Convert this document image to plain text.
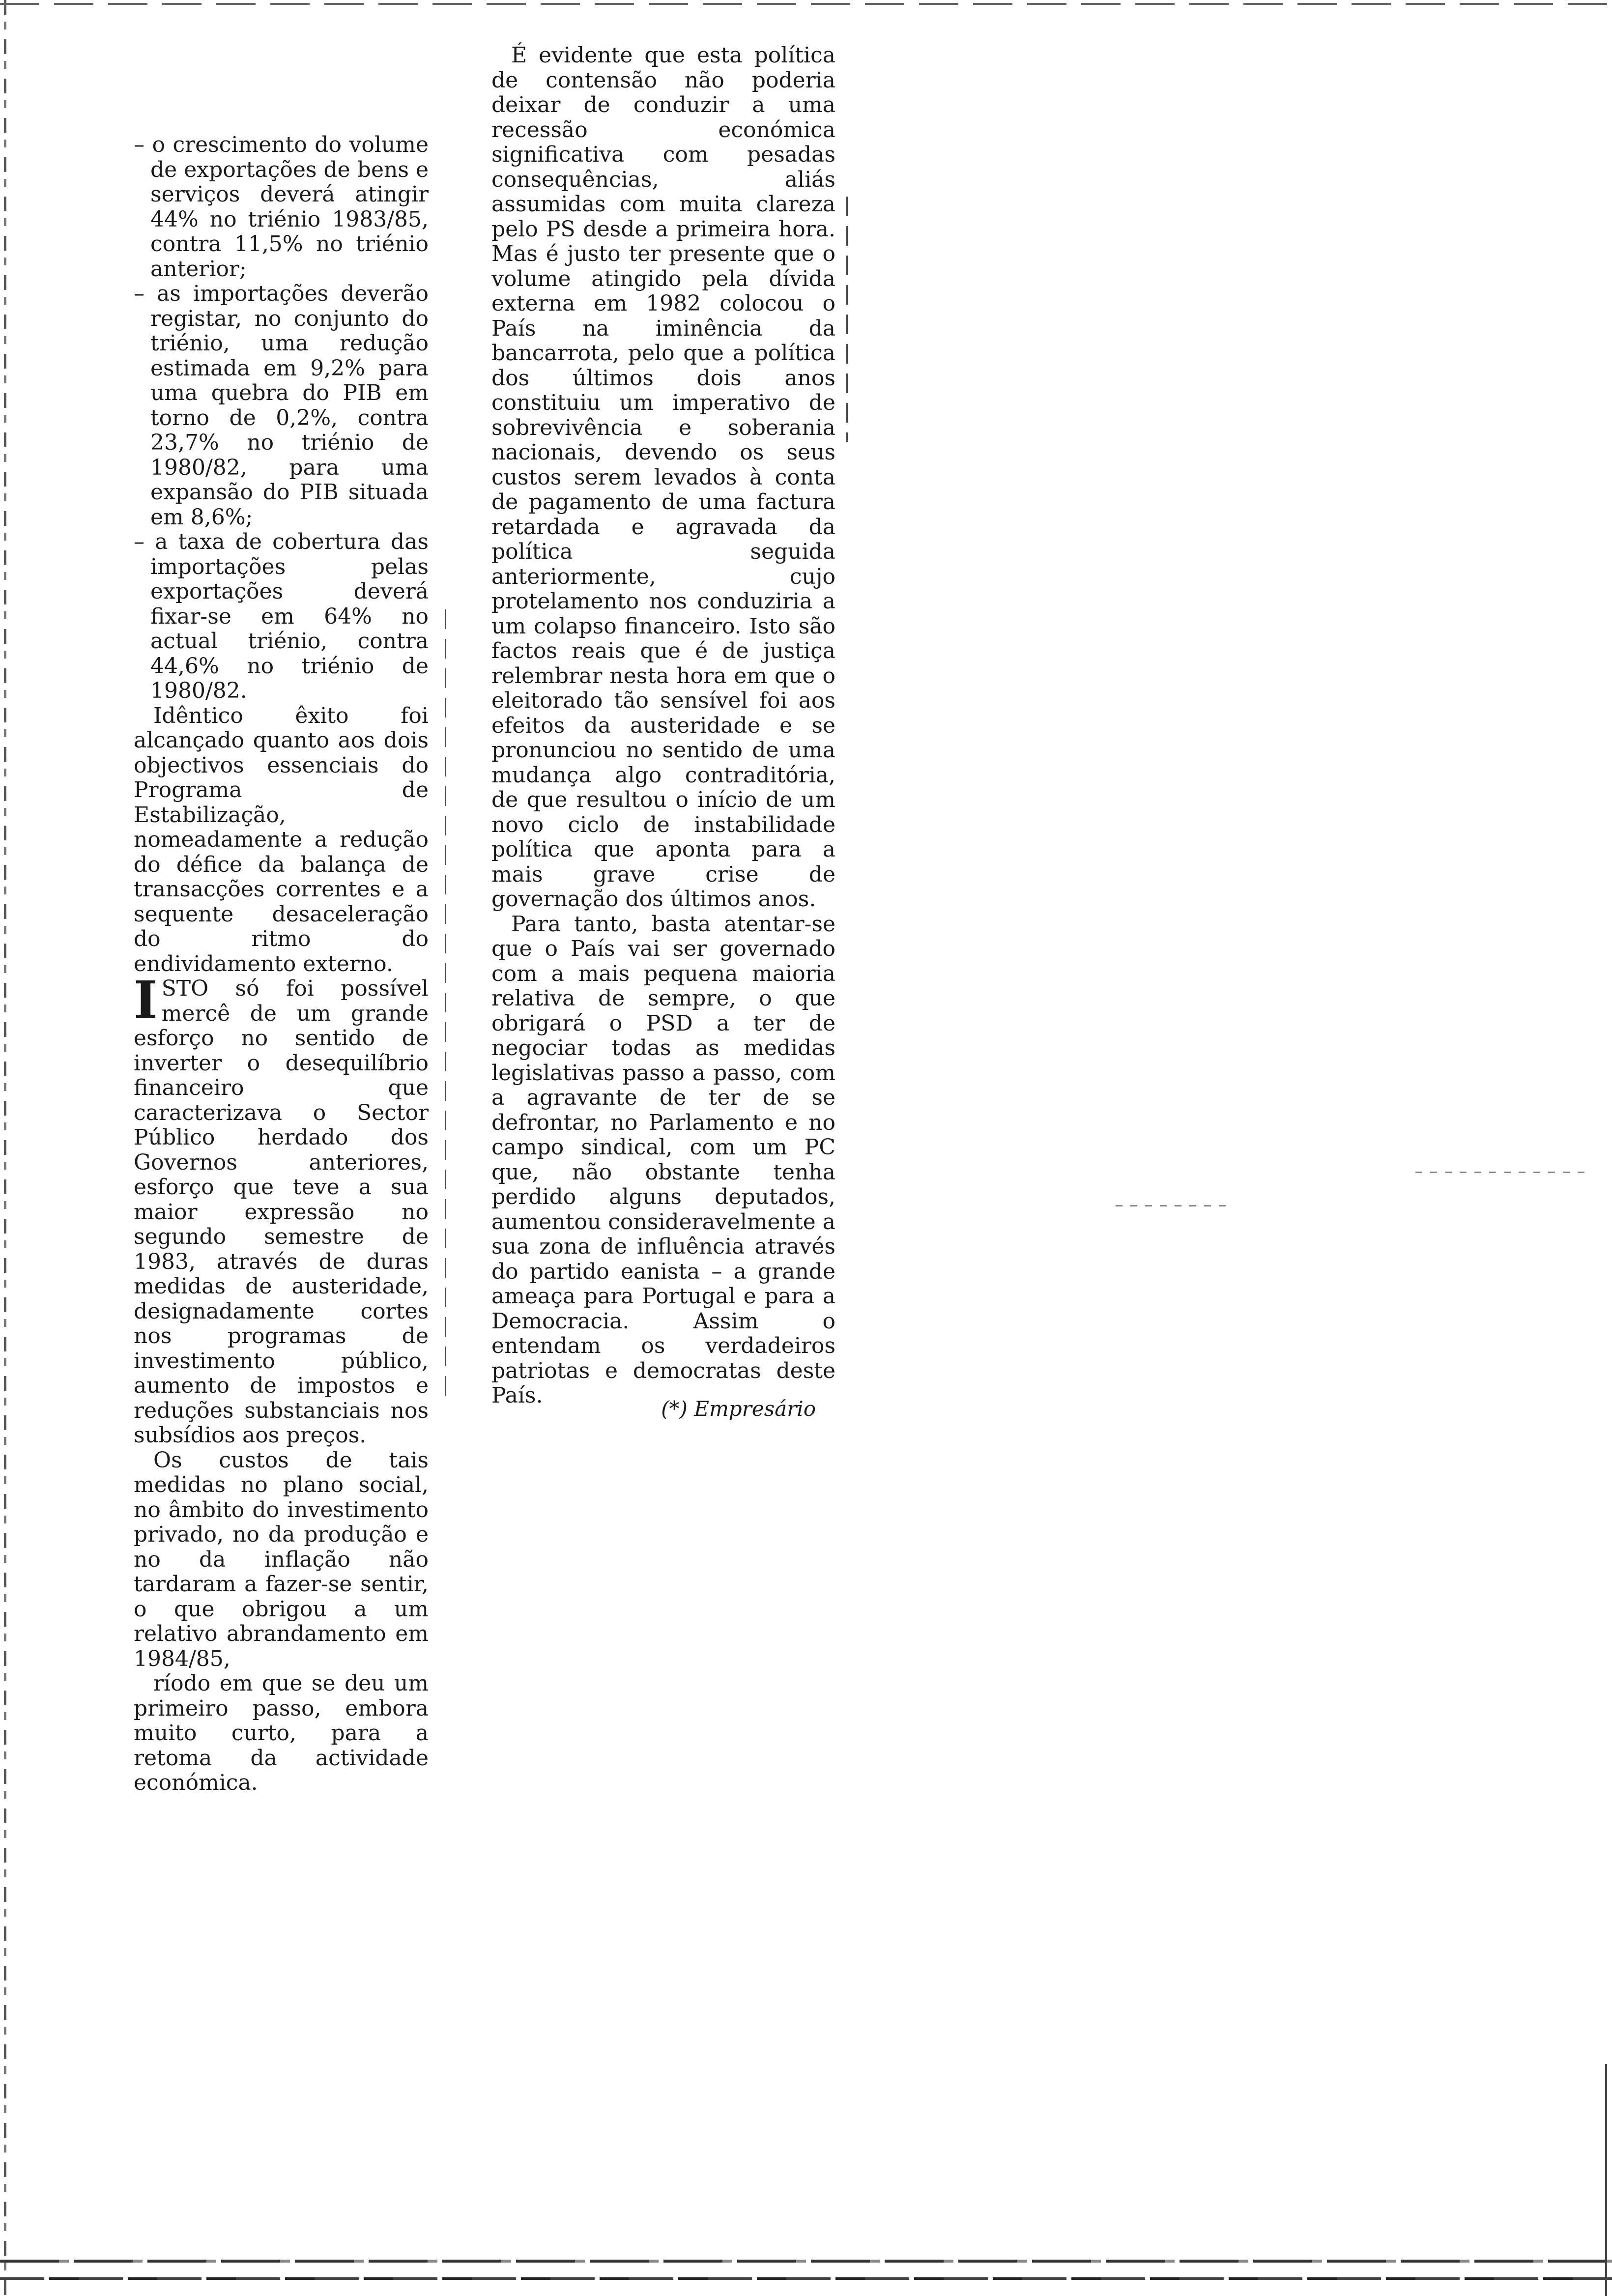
– o crescimento do volume de exportações de bens e serviços deverá atingir 44% no triénio 1983/85, contra 11,5% no triénio anterior;

– as importações deverão registar, no conjunto do triénio, uma redução estimada em 9,2% para uma quebra do PIB em torno de 0,2%, contra 23,7% no triénio de 1980/82, para uma expansão do PIB situada em 8,6%;

– a taxa de cobertura das importações pelas exportações deverá fixar-se em 64% no actual triénio, contra 44,6% no triénio de 1980/82.

Idêntico êxito foi alcançado quanto aos dois objectivos essenciais do Programa de Estabilização, nomeadamente a redução do défice da balança de transacções correntes e a sequente desaceleração do ritmo do endividamento externo.

ISTO só foi possível mercê de um grande esforço no sentido de inverter o desequilíbrio financeiro que caracterizava o Sector Público herdado dos Governos anteriores, esforço que teve a sua maior expressão no segundo semestre de 1983, através de duras medidas de austeridade, designadamente cortes nos programas de investimento público, aumento de impostos e reduções substanciais nos subsídios aos preços.

Os custos de tais medidas no plano social, no âmbito do investimento privado, no da produção e no da inflação não tardaram a fazer-se sentir, o que obrigou a um relativo abrandamento em 1984/85,

ríodo em que se deu um primeiro passo, embora muito curto, para a retoma da actividade económica.

É evidente que esta política de contensão não poderia deixar de conduzir a uma recessão económica significativa com pesadas consequências, aliás assumidas com muita clareza pelo PS desde a primeira hora. Mas é justo ter presente que o volume atingido pela dívida externa em 1982 colocou o País na iminência da bancarrota, pelo que a política dos últimos dois anos constituiu um imperativo de sobrevivência e soberania nacionais, devendo os seus custos serem levados à conta de pagamento de uma factura retardada e agravada da política seguida anteriormente, cujo protelamento nos conduziria a um colapso financeiro. Isto são factos reais que é de justiça relembrar nesta hora em que o eleitorado tão sensível foi aos efeitos da austeridade e se pronunciou no sentido de uma mudança algo contraditória, de que resultou o início de um novo ciclo de instabilidade política que aponta para a mais grave crise de governação dos últimos anos.

Para tanto, basta atentar-se que o País vai ser governado com a mais pequena maioria relativa de sempre, o que obrigará o PSD a ter de negociar todas as medidas legislativas passo a passo, com a agravante de ter de se defrontar, no Parlamento e no campo sindical, com um PC que, não obstante tenha perdido alguns deputados, aumentou consideravelmente a sua zona de influência através do partido eanista – a grande ameaça para Portugal e para a Democracia. Assim o entendam os verdadeiros patriotas e democratas deste País.

(*) Empresário
